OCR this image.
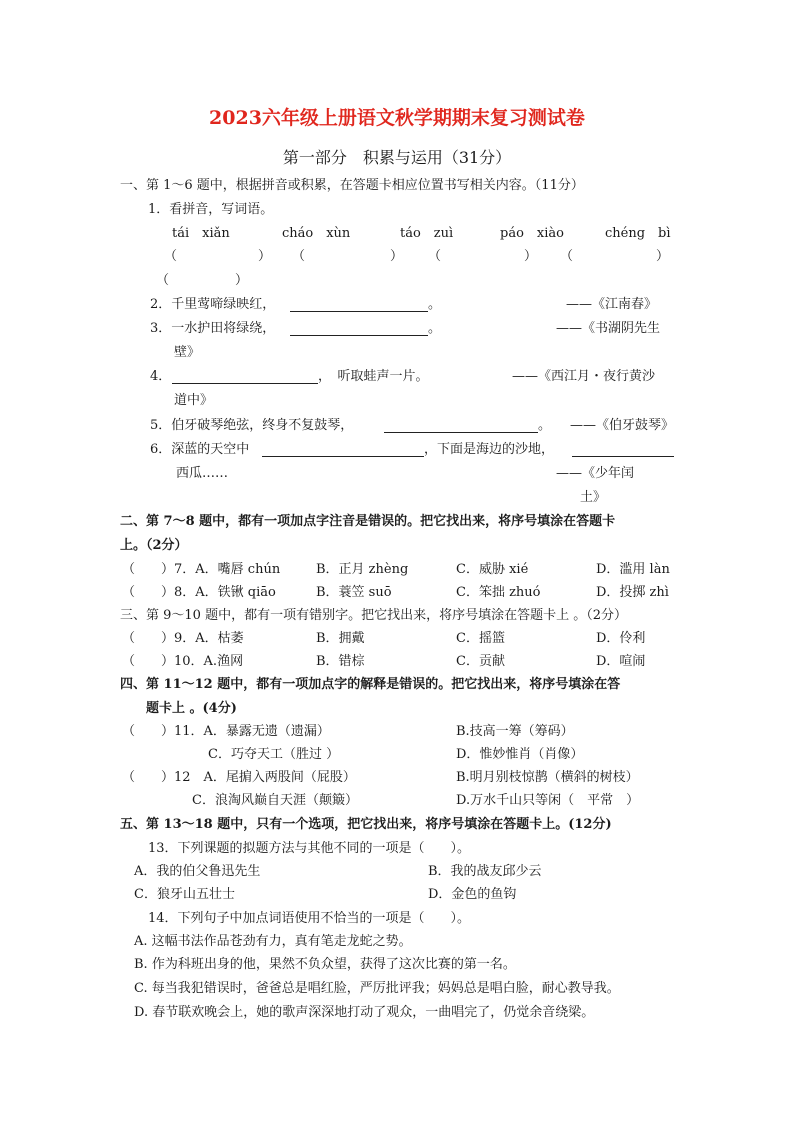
2023六年级上册语文秋学期期末复习测试卷
第一部分　积累与运用（31分）
一、第 1～6 题中，根据拼音或积累，在答题卡相应位置书写相关内容。（11分）
1．看拼音，写词语。
tái　xiǎn	cháo　xùn	táo　zuì	páo　xiào	chéng　bì
（	） （	） （	） （	）
（	）
2．千里莺啼绿映红，	。	——《江南春》
3．一水护田将绿绕，	。	——《书湖阴先生
壁》
4．	，　听取蛙声一片。	——《西江月・夜行黄沙
道中》
5．伯牙破琴绝弦，终身不复鼓琴，	。 ——《伯牙鼓琴》
6．深蓝的天空中	，下面是海边的沙地，
西瓜……	——《少年闰
土》
二、第 7～8 题中，都有一项加点字注音是错误的。把它找出来，将序号填涂在答题卡
上。（2分）
（　　）7．A．嘴唇 chún	B．正月 zhèng	C．威胁 xié	D．滥用 làn
（　　）8．A．铁锹 qiāo	B．蓑笠 suō	C．笨拙 zhuó	D．投掷 zhì
三、第 9～10 题中，都有一项有错别字。把它找出来，将序号填涂在答题卡上 。（2分）
（　　）9．A．枯萎	B．拥戴	C．摇篮	D．伶利
（　　）10．A.渔网	B．错棕	C．贡献	D．喧闹
四、第 11～12 题中，都有一项加点字的解释是错误的。把它找出来，将序号填涂在答
题卡上 。(4分)
（　　）11．A．暴露无遗（遗漏）	B.技高一筹（筹码）
C．巧夺天工（胜过 ）	D．惟妙惟肖（肖像）
（　　）12　A．尾掮入两股间（屁股）	B.明月别枝惊鹊（横斜的树枝）
C．浪淘风巅自天涯（颠簸）	D.万水千山只等闲（　平常　）
五、第 13～18 题中，只有一个选项，把它找出来，将序号填涂在答题卡上。(12分)
13．下列课题的拟题方法与其他不同的一项是（　　）。
A．我的伯父鲁迅先生	B．我的战友邱少云
C．狼牙山五壮士	D．金色的鱼钩
14．下列句子中加点词语使用不恰当的一项是（　　）。
A. 这幅书法作品苍劲有力，真有笔走龙蛇之势。
B. 作为科班出身的他，果然不负众望，获得了这次比赛的第一名。
C. 每当我犯错误时，爸爸总是唱红脸，严厉批评我；妈妈总是唱白脸，耐心教导我。
D. 春节联欢晚会上，她的歌声深深地打动了观众，一曲唱完了，仍觉余音绕梁。
